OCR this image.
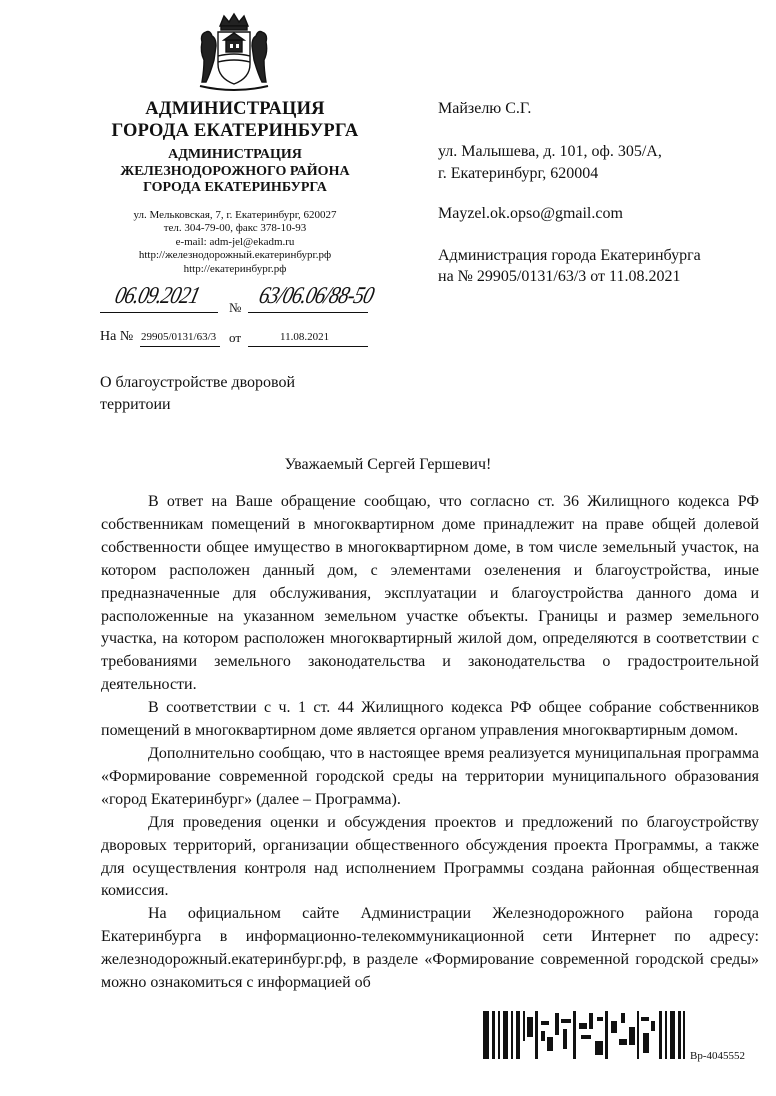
АДМИНИСТРАЦИЯ
ГОРОДА ЕКАТЕРИНБУРГА
АДМИНИСТРАЦИЯ
ЖЕЛЕЗНОДОРОЖНОГО РАЙОНА
ГОРОДА ЕКАТЕРИНБУРГА
ул. Мельковская, 7, г. Екатеринбург, 620027
тел. 304-79-00, факс 378-10-93
e-mail: adm-jel@ekadm.ru
http://железнодорожный.екатеринбург.рф
http://екатеринбург.рф
06.09.2021 № 63/06.06/88-50
На № 29905/0131/63/3 от	11.08.2021
Майзелю С.Г.
ул. Малышева, д. 101, оф. 305/А,
г. Екатеринбург, 620004
Mayzel.ok.opso@gmail.com
Администрация города Екатеринбурга
на № 29905/0131/63/3 от 11.08.2021
О благоустройстве дворовой
территоии
Уважаемый Сергей Гершевич!

В ответ на Ваше обращение сообщаю, что согласно ст. 36 Жилищного кодекса РФ собственникам помещений в многоквартирном доме принадлежит на праве общей долевой собственности общее имущество в многоквартирном доме, в том числе земельный участок, на котором расположен данный дом, с элементами озеленения и благоустройства, иные предназначенные для обслуживания, эксплуатации и благоустройства данного дома и расположенные на указанном земельном участке объекты. Границы и размер земельного участка, на котором расположен многоквартирный жилой дом, определяются в соответствии с требованиями земельного законодательства и законодательства о градостроительной деятельности.

В соответствии с ч. 1 ст. 44 Жилищного кодекса РФ общее собрание собственников помещений в многоквартирном доме является органом управления многоквартирным домом.

Дополнительно сообщаю, что в настоящее время реализуется муниципальная программа «Формирование современной городской среды на территории муниципального образования «город Екатеринбург» (далее – Программа).

Для проведения оценки и обсуждения проектов и предложений по благоустройству дворовых территорий, организации общественного обсуждения проекта Программы, а также для осуществления контроля над исполнением Программы создана районная общественная комиссия.

На официальном сайте Администрации Железнодорожного района города Екатеринбурга в информационно-телекоммуникационной сети Интернет по адресу: железнодорожный.екатеринбург.рф, в разделе «Формирование современной городской среды» можно ознакомиться с информацией об

Вр-4045552
